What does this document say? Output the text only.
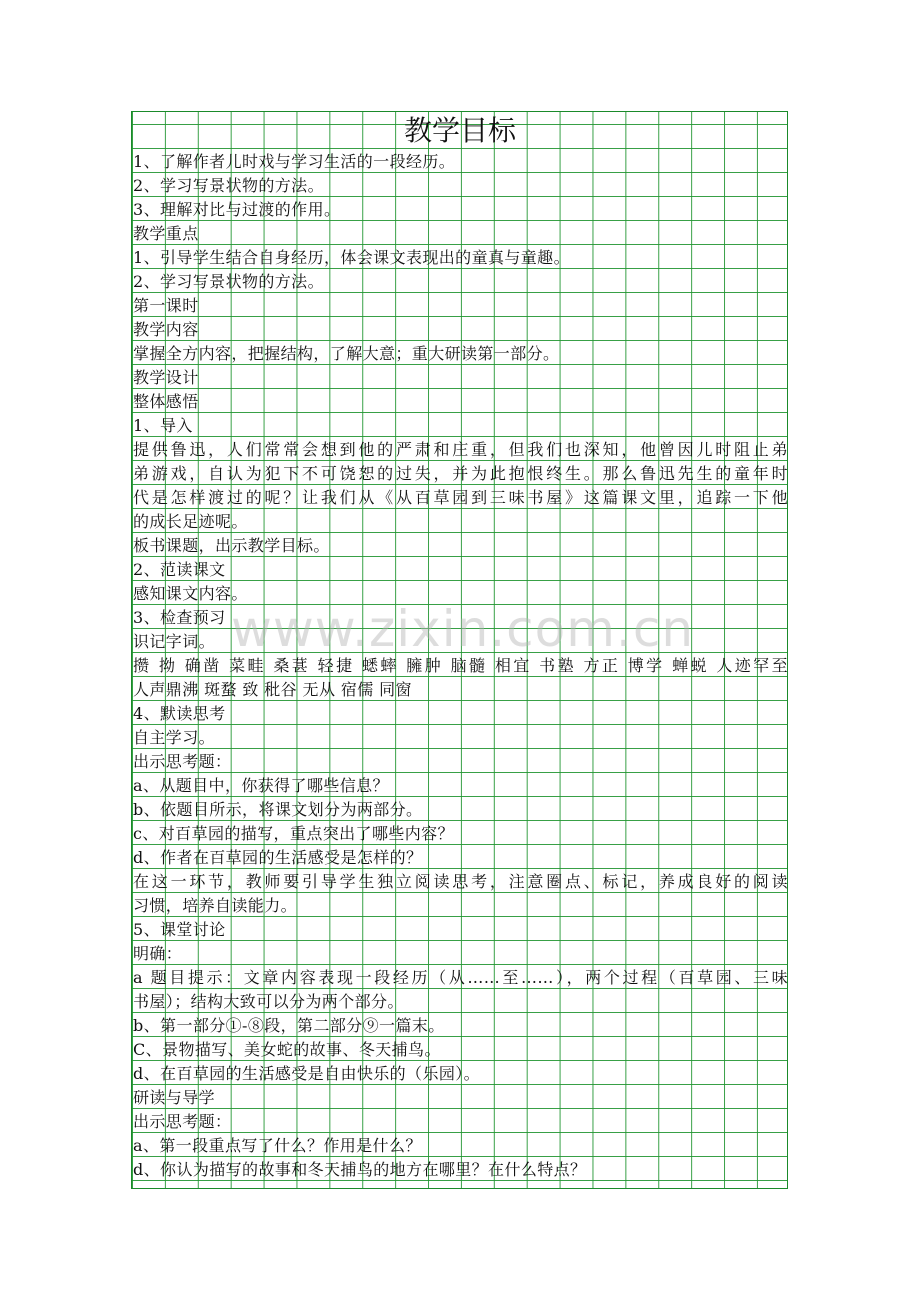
www.zixin.com.cn
教学目标
1、了解作者儿时戏与学习生活的一段经历。
2、学习写景状物的方法。
3、理解对比与过渡的作用。
教学重点
1、引导学生结合自身经历，体会课文表现出的童真与童趣。
2、学习写景状物的方法。
第一课时
教学内容
掌握全方内容，把握结构，了解大意；重大研读第一部分。
教学设计
整体感悟
1、导入
提供鲁迅，人们常常会想到他的严肃和庄重，但我们也深知，他曾因儿时阻止弟
弟游戏，自认为犯下不可饶恕的过失，并为此抱恨终生。那么鲁迅先生的童年时
代是怎样渡过的呢？让我们从《从百草园到三味书屋》这篇课文里，追踪一下他
的成长足迹呢。
板书课题，出示教学目标。
2、范读课文
感知课文内容。
3、检查预习
识记字词。
攒 拗 确凿 菜畦 桑葚 轻捷 蟋蟀 臃肿 脑髓 相宜 书塾 方正 博学 蝉蜕 人迹罕至
人声鼎沸 斑蝥 致 秕谷 无从 宿儒 同窗
4、默读思考
自主学习。
出示思考题：
a、从题目中，你获得了哪些信息？
b、依题目所示，将课文划分为两部分。
c、对百草园的描写，重点突出了哪些内容？
d、作者在百草园的生活感受是怎样的？
在这一环节，教师要引导学生独立阅读思考，注意圈点、标记，养成良好的阅读
习惯，培养自读能力。
5、课堂讨论
明确：
a 题目提示：文章内容表现一段经历（从……至……），两个过程（百草园、三味
书屋）；结构大致可以分为两个部分。
b、第一部分①-⑧段，第二部分⑨一篇末。
C、景物描写、美女蛇的故事、冬天捕鸟。
d、在百草园的生活感受是自由快乐的（乐园）。
研读与导学
出示思考题：
a、第一段重点写了什么？作用是什么？
d、你认为描写的故事和冬天捕鸟的地方在哪里？在什么特点？
